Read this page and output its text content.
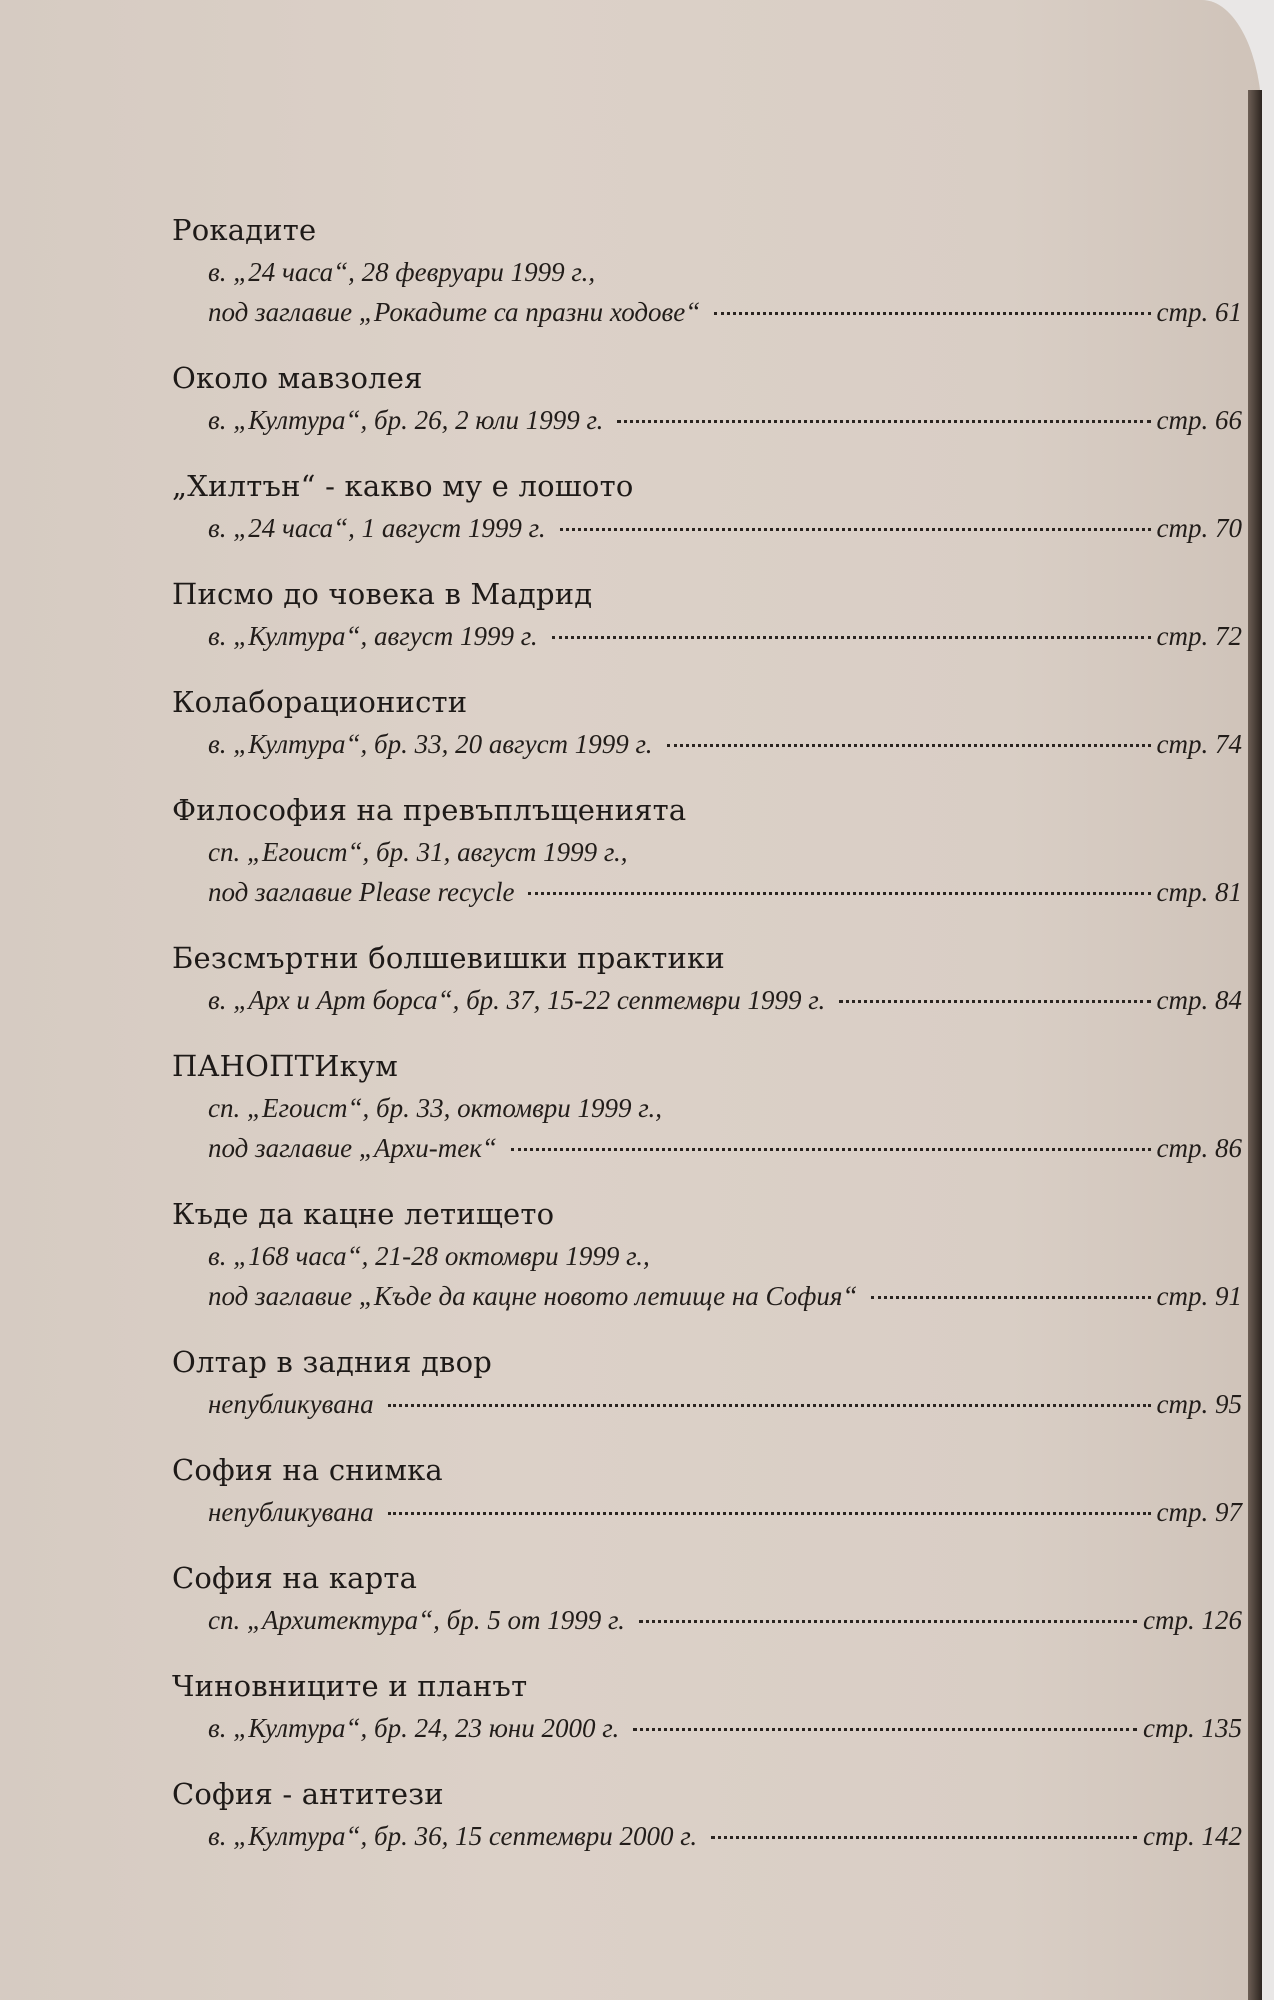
Рокадите
в. „24 часа“, 28 февруари 1999 г.,
под заглавие „Рокадите са празни ходове“	стр. 61
Около мавзолея
в. „Култура“, бр. 26, 2 юли 1999 г.	стр. 66
„Хилтън“ - какво му е лошото
в. „24 часа“, 1 август 1999 г.	стр. 70
Писмо до човека в Мадрид
в. „Култура“, август 1999 г.	стр. 72
Колаборационисти
в. „Култура“, бр. 33, 20 август 1999 г.	стр. 74
Философия на превъплъщенията
сп. „Егоист“, бр. 31, август 1999 г.,
под заглавие Please recycle	стр. 81
Безсмъртни болшевишки практики
в. „Арх и Арт борса“, бр. 37, 15-22 септември 1999 г.	стр. 84
ПАНОПТИкум
сп. „Егоист“, бр. 33, октомври 1999 г.,
под заглавие „Архи-тек“	стр. 86
Къде да кацне летището
в. „168 часа“, 21-28 октомври 1999 г.,
под заглавие „Къде да кацне новото летище на София“	стр. 91
Олтар в задния двор
непубликувана	стр. 95
София на снимка
непубликувана	стр. 97
София на карта
сп. „Архитектура“, бр. 5 от 1999 г.	стр. 126
Чиновниците и планът
в. „Култура“, бр. 24, 23 юни 2000 г.	стр. 135
София - антитези
в. „Култура“, бр. 36, 15 септември 2000 г.	стр. 142
